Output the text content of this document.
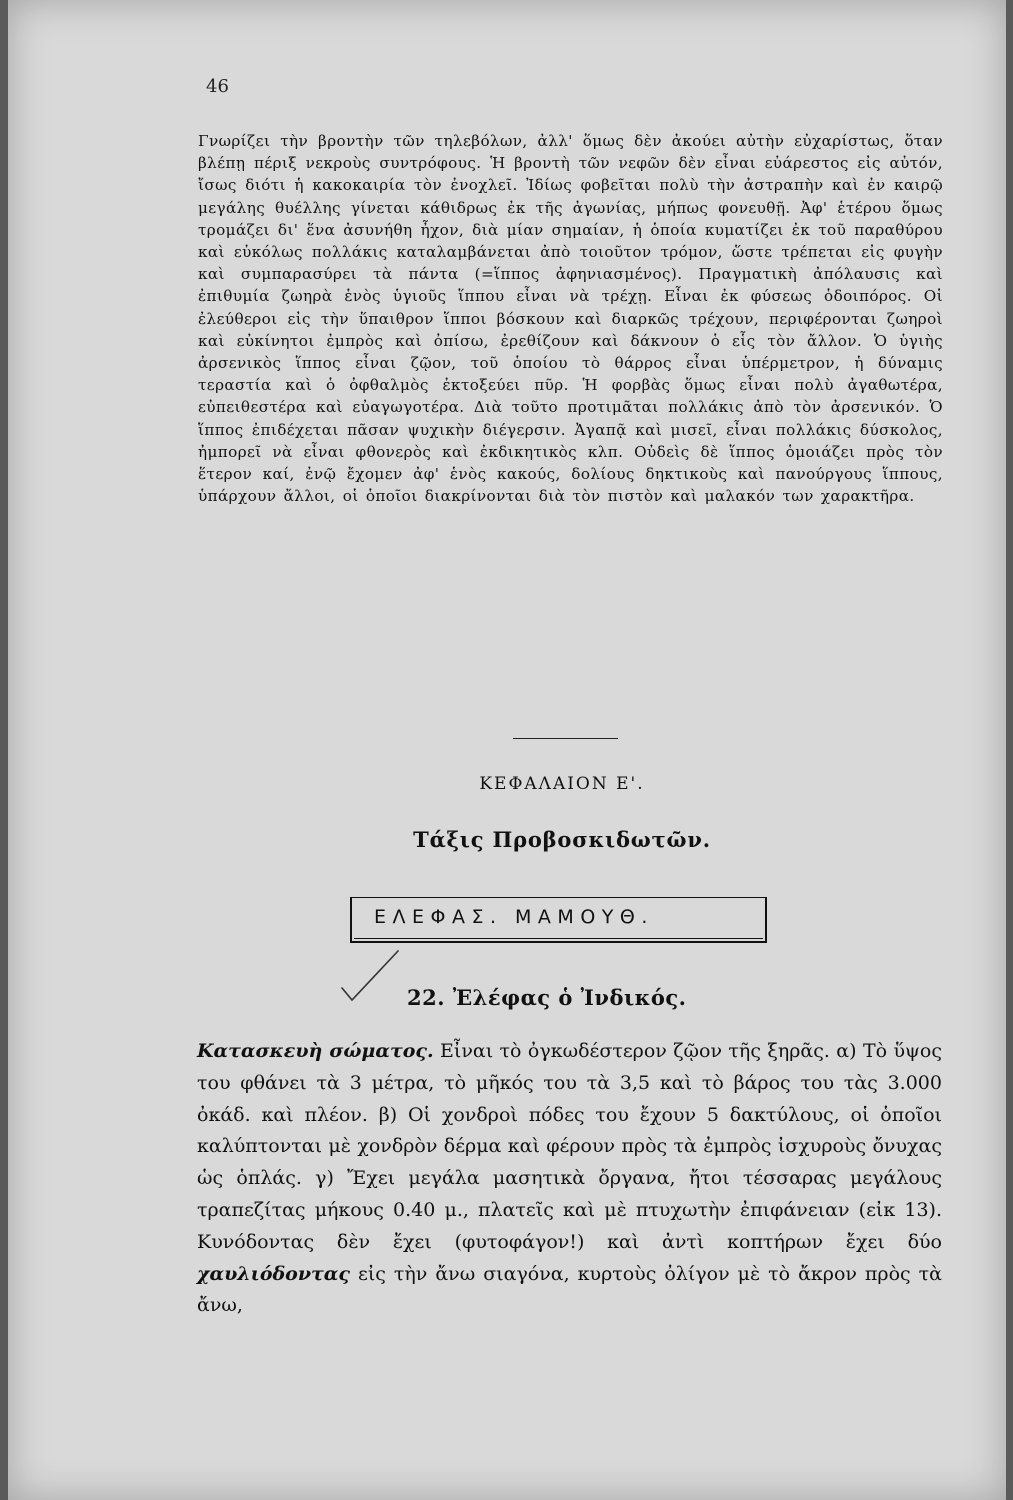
46

Γνωρίζει τὴν βροντὴν τῶν τηλεβόλων, ἀλλ' ὅμως δὲν ἀκούει αὐτὴν εὐχαρίστως, ὅταν βλέπῃ πέριξ νεκροὺς συντρόφους. Ἡ βροντὴ τῶν νεφῶν δὲν εἶναι εὐάρεστος εἰς αὐτόν, ἴσως διότι ἡ κακοκαιρία τὸν ἐνοχλεῖ. Ἰδίως φοβεῖται πολὺ τὴν ἀστραπὴν καὶ ἐν καιρῷ μεγάλης θυέλλης γίνεται κάθιδρως ἐκ τῆς ἀγωνίας, μήπως φονευθῇ. Ἀφ' ἑτέρου ὅμως τρομάζει δι' ἕνα ἀσυνήθη ἦχον, διὰ μίαν σημαίαν, ἡ ὁποία κυματίζει ἐκ τοῦ παραθύρου καὶ εὐκόλως πολλάκις καταλαμβάνεται ἀπὸ τοιοῦτον τρόμον, ὥστε τρέπεται εἰς φυγὴν καὶ συμπαρασύρει τὰ πάντα (=ἵππος ἀφηνιασμένος). Πραγματικὴ ἀπόλαυσις καὶ ἐπιθυμία ζωηρὰ ἑνὸς ὑγιοῦς ἵππου εἶναι νὰ τρέχῃ. Εἶναι ἐκ φύσεως ὁδοιπόρος. Οἱ ἐλεύθεροι εἰς τὴν ὕπαιθρον ἵπποι βόσκουν καὶ διαρκῶς τρέχουν, περιφέρονται ζωηροὶ καὶ εὐκίνητοι ἐμπρὸς καὶ ὀπίσω, ἐρεθίζουν καὶ δάκνουν ὁ εἷς τὸν ἄλλον. Ὁ ὑγιὴς ἀρσενικὸς ἵππος εἶναι ζῷον, τοῦ ὁποίου τὸ θάρρος εἶναι ὑπέρμετρον, ἡ δύναμις τεραστία καὶ ὁ ὀφθαλμὸς ἐκτοξεύει πῦρ. Ἡ φορβὰς ὅμως εἶναι πολὺ ἀγαθωτέρα, εὐπειθεστέρα καὶ εὐαγωγοτέρα. Διὰ τοῦτο προτιμᾶται πολλάκις ἀπὸ τὸν ἀρσενικόν. Ὁ ἵππος ἐπιδέχεται πᾶσαν ψυχικὴν διέγερσιν. Ἀγαπᾷ καὶ μισεῖ, εἶναι πολλάκις δύσκολος, ἠμπορεῖ νὰ εἶναι φθονερὸς καὶ ἐκδικητικὸς κλπ. Οὐδεὶς δὲ ἵππος ὁμοιάζει πρὸς τὸν ἕτερον καί, ἐνῷ ἔχομεν ἀφ' ἑνὸς κακούς, δολίους δηκτικοὺς καὶ πανούργους ἵππους, ὑπάρχουν ἄλλοι, οἱ ὁποῖοι διακρίνονται διὰ τὸν πιστὸν καὶ μαλακόν των χαρακτῆρα.

ΚΕΦΑΛΑΙΟΝ Ε'.
Τάξις Προβοσκιδωτῶν.
ΕΛΕΦΑΣ. ΜΑΜΟΥΘ.
22. Ἐλέφας ὁ Ἰνδικός.

Κατασκευὴ σώματος. Εἶναι τὸ ὀγκωδέστερον ζῷον τῆς ξηρᾶς. α) Τὸ ὕψος του φθάνει τὰ 3 μέτρα, τὸ μῆκός του τὰ 3,5 καὶ τὸ βάρος του τὰς 3.000 ὀκάδ. καὶ πλέον. β) Οἱ χονδροὶ πόδες του ἔχουν 5 δακτύλους, οἱ ὁποῖοι καλύπτονται μὲ χονδρὸν δέρμα καὶ φέρουν πρὸς τὰ ἐμπρὸς ἰσχυροὺς ὄνυχας ὡς ὁπλάς. γ) Ἔχει μεγάλα μασητικὰ ὄργανα, ἤτοι τέσσαρας μεγάλους τραπεζίτας μήκους 0.40 μ., πλατεῖς καὶ μὲ πτυχωτὴν ἐπιφάνειαν (εἰκ 13). Κυνόδοντας δὲν ἔχει (φυτοφάγον!) καὶ ἀντὶ κοπτήρων ἔχει δύο χαυλιόδοντας εἰς τὴν ἄνω σιαγόνα, κυρτοὺς ὀλίγον μὲ τὸ ἄκρον πρὸς τὰ ἄνω,
